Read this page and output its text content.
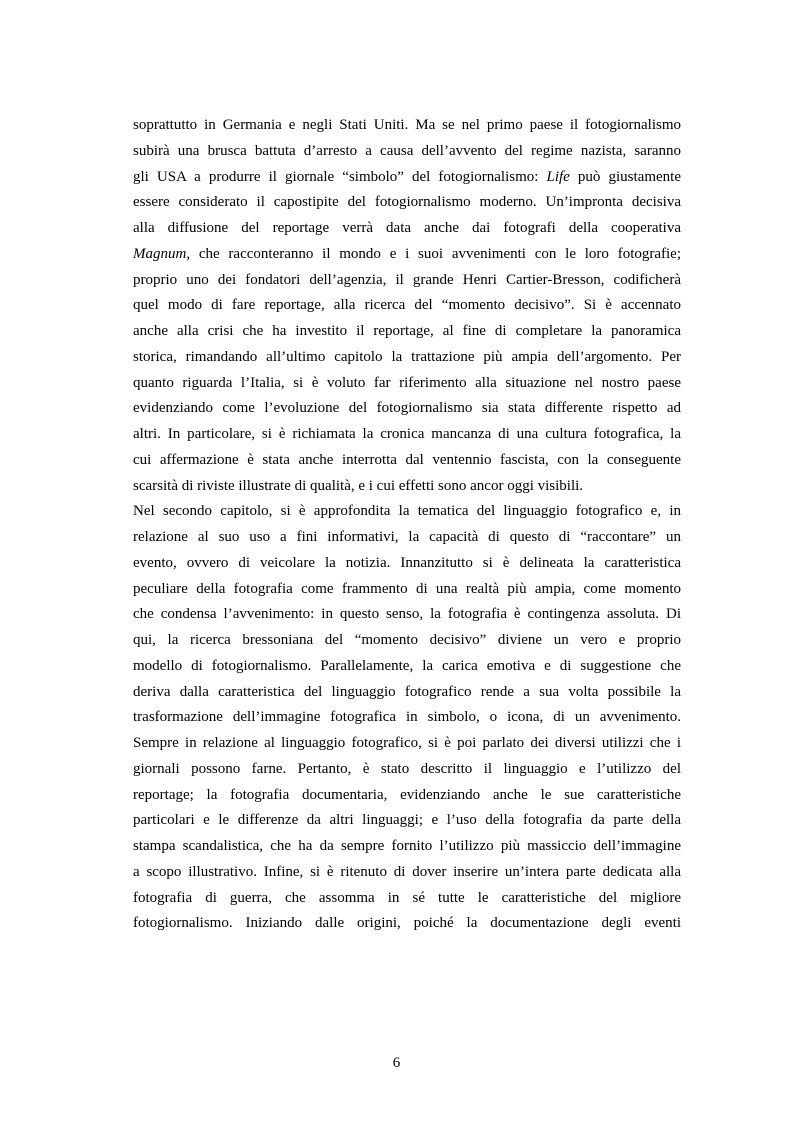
soprattutto in Germania e negli Stati Uniti. Ma se nel primo paese il fotogiornalismo
subirà una brusca battuta d’arresto a causa dell’avvento del regime nazista, saranno
gli USA a produrre il giornale “simbolo” del fotogiornalismo: Life può giustamente
essere considerato il capostipite del fotogiornalismo moderno. Un’impronta decisiva
alla diffusione del reportage verrà data anche dai fotografi della cooperativa
Magnum, che racconteranno il mondo e i suoi avvenimenti con le loro fotografie;
proprio uno dei fondatori dell’agenzia, il grande Henri Cartier-Bresson, codificherà
quel modo di fare reportage, alla ricerca del “momento decisivo”. Si è accennato
anche alla crisi che ha investito il reportage, al fine di completare la panoramica
storica, rimandando all’ultimo capitolo la trattazione più ampia dell’argomento. Per
quanto riguarda l’Italia, si è voluto far riferimento alla situazione nel nostro paese
evidenziando come l’evoluzione del fotogiornalismo sia stata differente rispetto ad
altri. In particolare, si è richiamata la cronica mancanza di una cultura fotografica, la
cui affermazione è stata anche interrotta dal ventennio fascista, con la conseguente
scarsità di riviste illustrate di qualità, e i cui effetti sono ancor oggi visibili.
Nel secondo capitolo, si è approfondita la tematica del linguaggio fotografico e, in
relazione al suo uso a fini informativi, la capacità di questo di “raccontare” un
evento, ovvero di veicolare la notizia. Innanzitutto si è delineata la caratteristica
peculiare della fotografia come frammento di una realtà più ampia, come momento
che condensa l’avvenimento: in questo senso, la fotografia è contingenza assoluta. Di
qui, la ricerca bressoniana del “momento decisivo” diviene un vero e proprio
modello di fotogiornalismo. Parallelamente, la carica emotiva e di suggestione che
deriva dalla caratteristica del linguaggio fotografico rende a sua volta possibile la
trasformazione dell’immagine fotografica in simbolo, o icona, di un avvenimento.
Sempre in relazione al linguaggio fotografico, si è poi parlato dei diversi utilizzi che i
giornali possono farne. Pertanto, è stato descritto il linguaggio e l’utilizzo del
reportage; la fotografia documentaria, evidenziando anche le sue caratteristiche
particolari e le differenze da altri linguaggi; e l’uso della fotografia da parte della
stampa scandalistica, che ha da sempre fornito l’utilizzo più massiccio dell’immagine
a scopo illustrativo. Infine, si è ritenuto di dover inserire un’intera parte dedicata alla
fotografia di guerra, che assomma in sé tutte le caratteristiche del migliore
fotogiornalismo. Iniziando dalle origini, poiché la documentazione degli eventi
6
